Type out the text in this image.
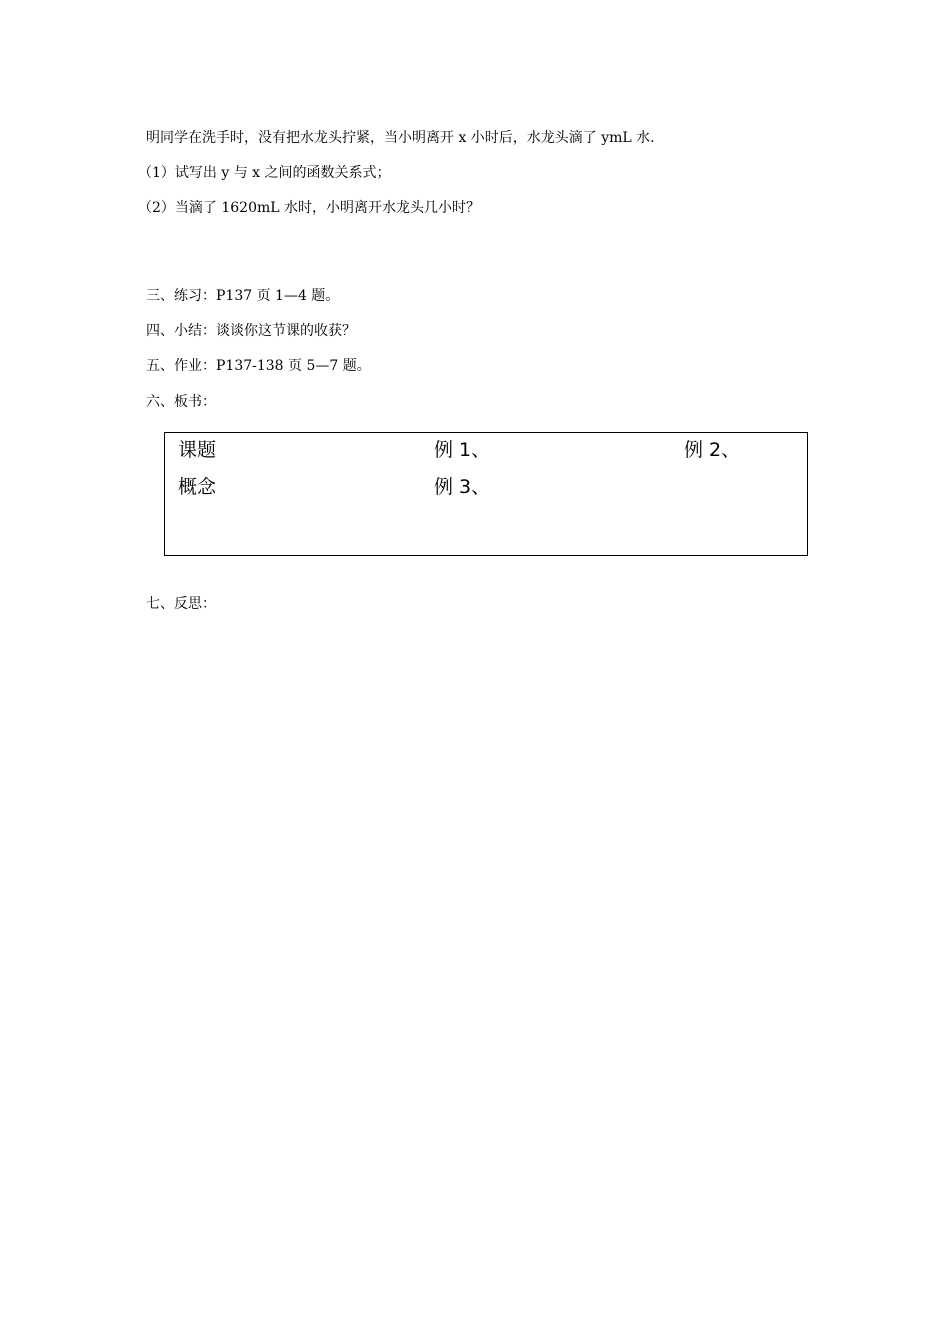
明同学在洗手时，没有把水龙头拧紧，当小明离开 x 小时后，水龙头滴了 ymL 水.
（1）试写出 y 与 x 之间的函数关系式；
（2）当滴了 1620mL 水时，小明离开水龙头几小时？
三、练习：P137 页 1—4 题。
四、小结：谈谈你这节课的收获？
五、作业：P137-138 页 5—7 题。
六、板书：
课题	例 1、	例 2、
概念	例 3、
七、反思：
